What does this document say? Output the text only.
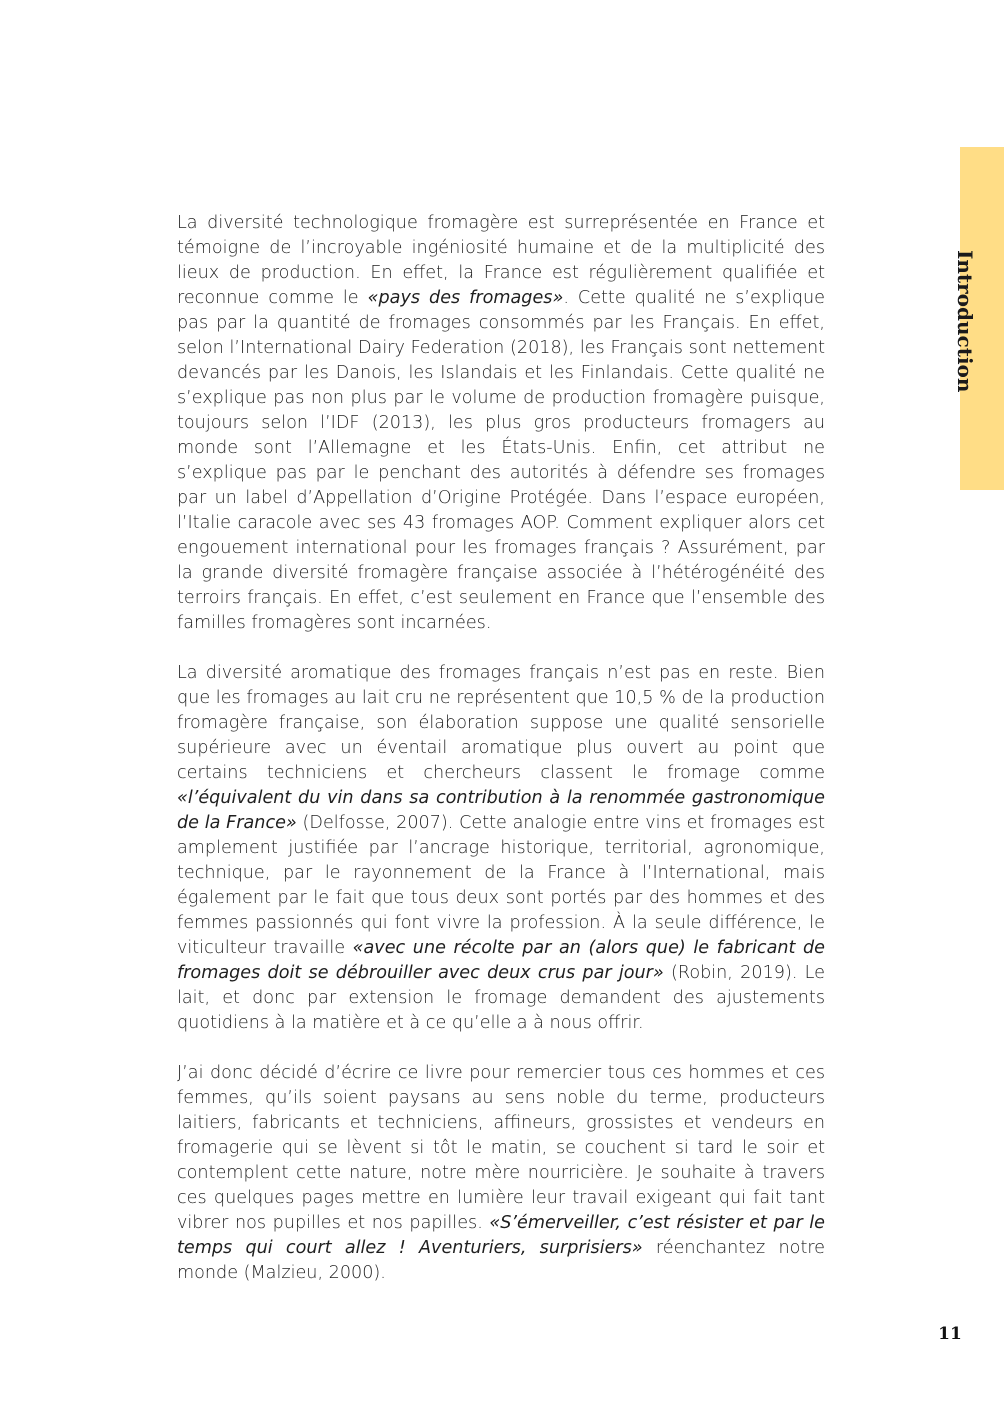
Introduction

La diversité technologique fromagère est surreprésentée en France et témoigne de l’incroyable ingéniosité humaine et de la multiplicité des lieux de production. En effet, la France est régulièrement qualifiée et reconnue comme le «pays des fromages». Cette qualité ne s’explique pas par la quantité de fromages consommés par les Français. En effet, selon l’International Dairy Federation (2018), les Français sont nettement devancés par les Danois, les Islandais et les Finlandais. Cette qualité ne s’explique pas non plus par le volume de production fromagère puisque, toujours selon l’IDF (2013), les plus gros producteurs fromagers au monde sont l’Allemagne et les États-Unis. Enfin, cet attribut ne s’explique pas par le penchant des autorités à défendre ses fromages par un label d’Appellation d’Origine Protégée. Dans l’espace européen, l’Italie caracole avec ses 43 fromages AOP. Comment expliquer alors cet engouement international pour les fromages français ? Assurément, par la grande diversité fromagère française associée à l’hétérogénéité des terroirs français. En effet, c’est seulement en France que l’ensemble des familles fromagères sont incarnées.

La diversité aromatique des fromages français n’est pas en reste. Bien que les fromages au lait cru ne représentent que 10,5 % de la production fromagère française, son élaboration suppose une qualité sensorielle supérieure avec un éventail aromatique plus ouvert au point que certains techniciens et chercheurs classent le fromage comme «l’équivalent du vin dans sa contribution à la renommée gastronomique de la France» (Delfosse, 2007). Cette analogie entre vins et fromages est amplement justifiée par l’ancrage historique, territorial, agronomique, technique, par le rayonnement de la France à l’International, mais également par le fait que tous deux sont portés par des hommes et des femmes passionnés qui font vivre la profession. À la seule différence, le viticulteur travaille «avec une récolte par an (alors que) le fabricant de fromages doit se débrouiller avec deux crus par jour» (Robin, 2019). Le lait, et donc par extension le fromage demandent des ajustements quotidiens à la matière et à ce qu’elle a à nous offrir.

J’ai donc décidé d’écrire ce livre pour remercier tous ces hommes et ces femmes, qu’ils soient paysans au sens noble du terme, producteurs laitiers, fabricants et techniciens, affineurs, grossistes et vendeurs en fromagerie qui se lèvent si tôt le matin, se couchent si tard le soir et contemplent cette nature, notre mère nourricière. Je souhaite à travers ces quelques pages mettre en lumière leur travail exigeant qui fait tant vibrer nos pupilles et nos papilles. «S’émerveiller, c’est résister et par le temps qui court allez ! Aventuriers, surprisiers» réenchantez notre monde (Malzieu, 2000).

11
